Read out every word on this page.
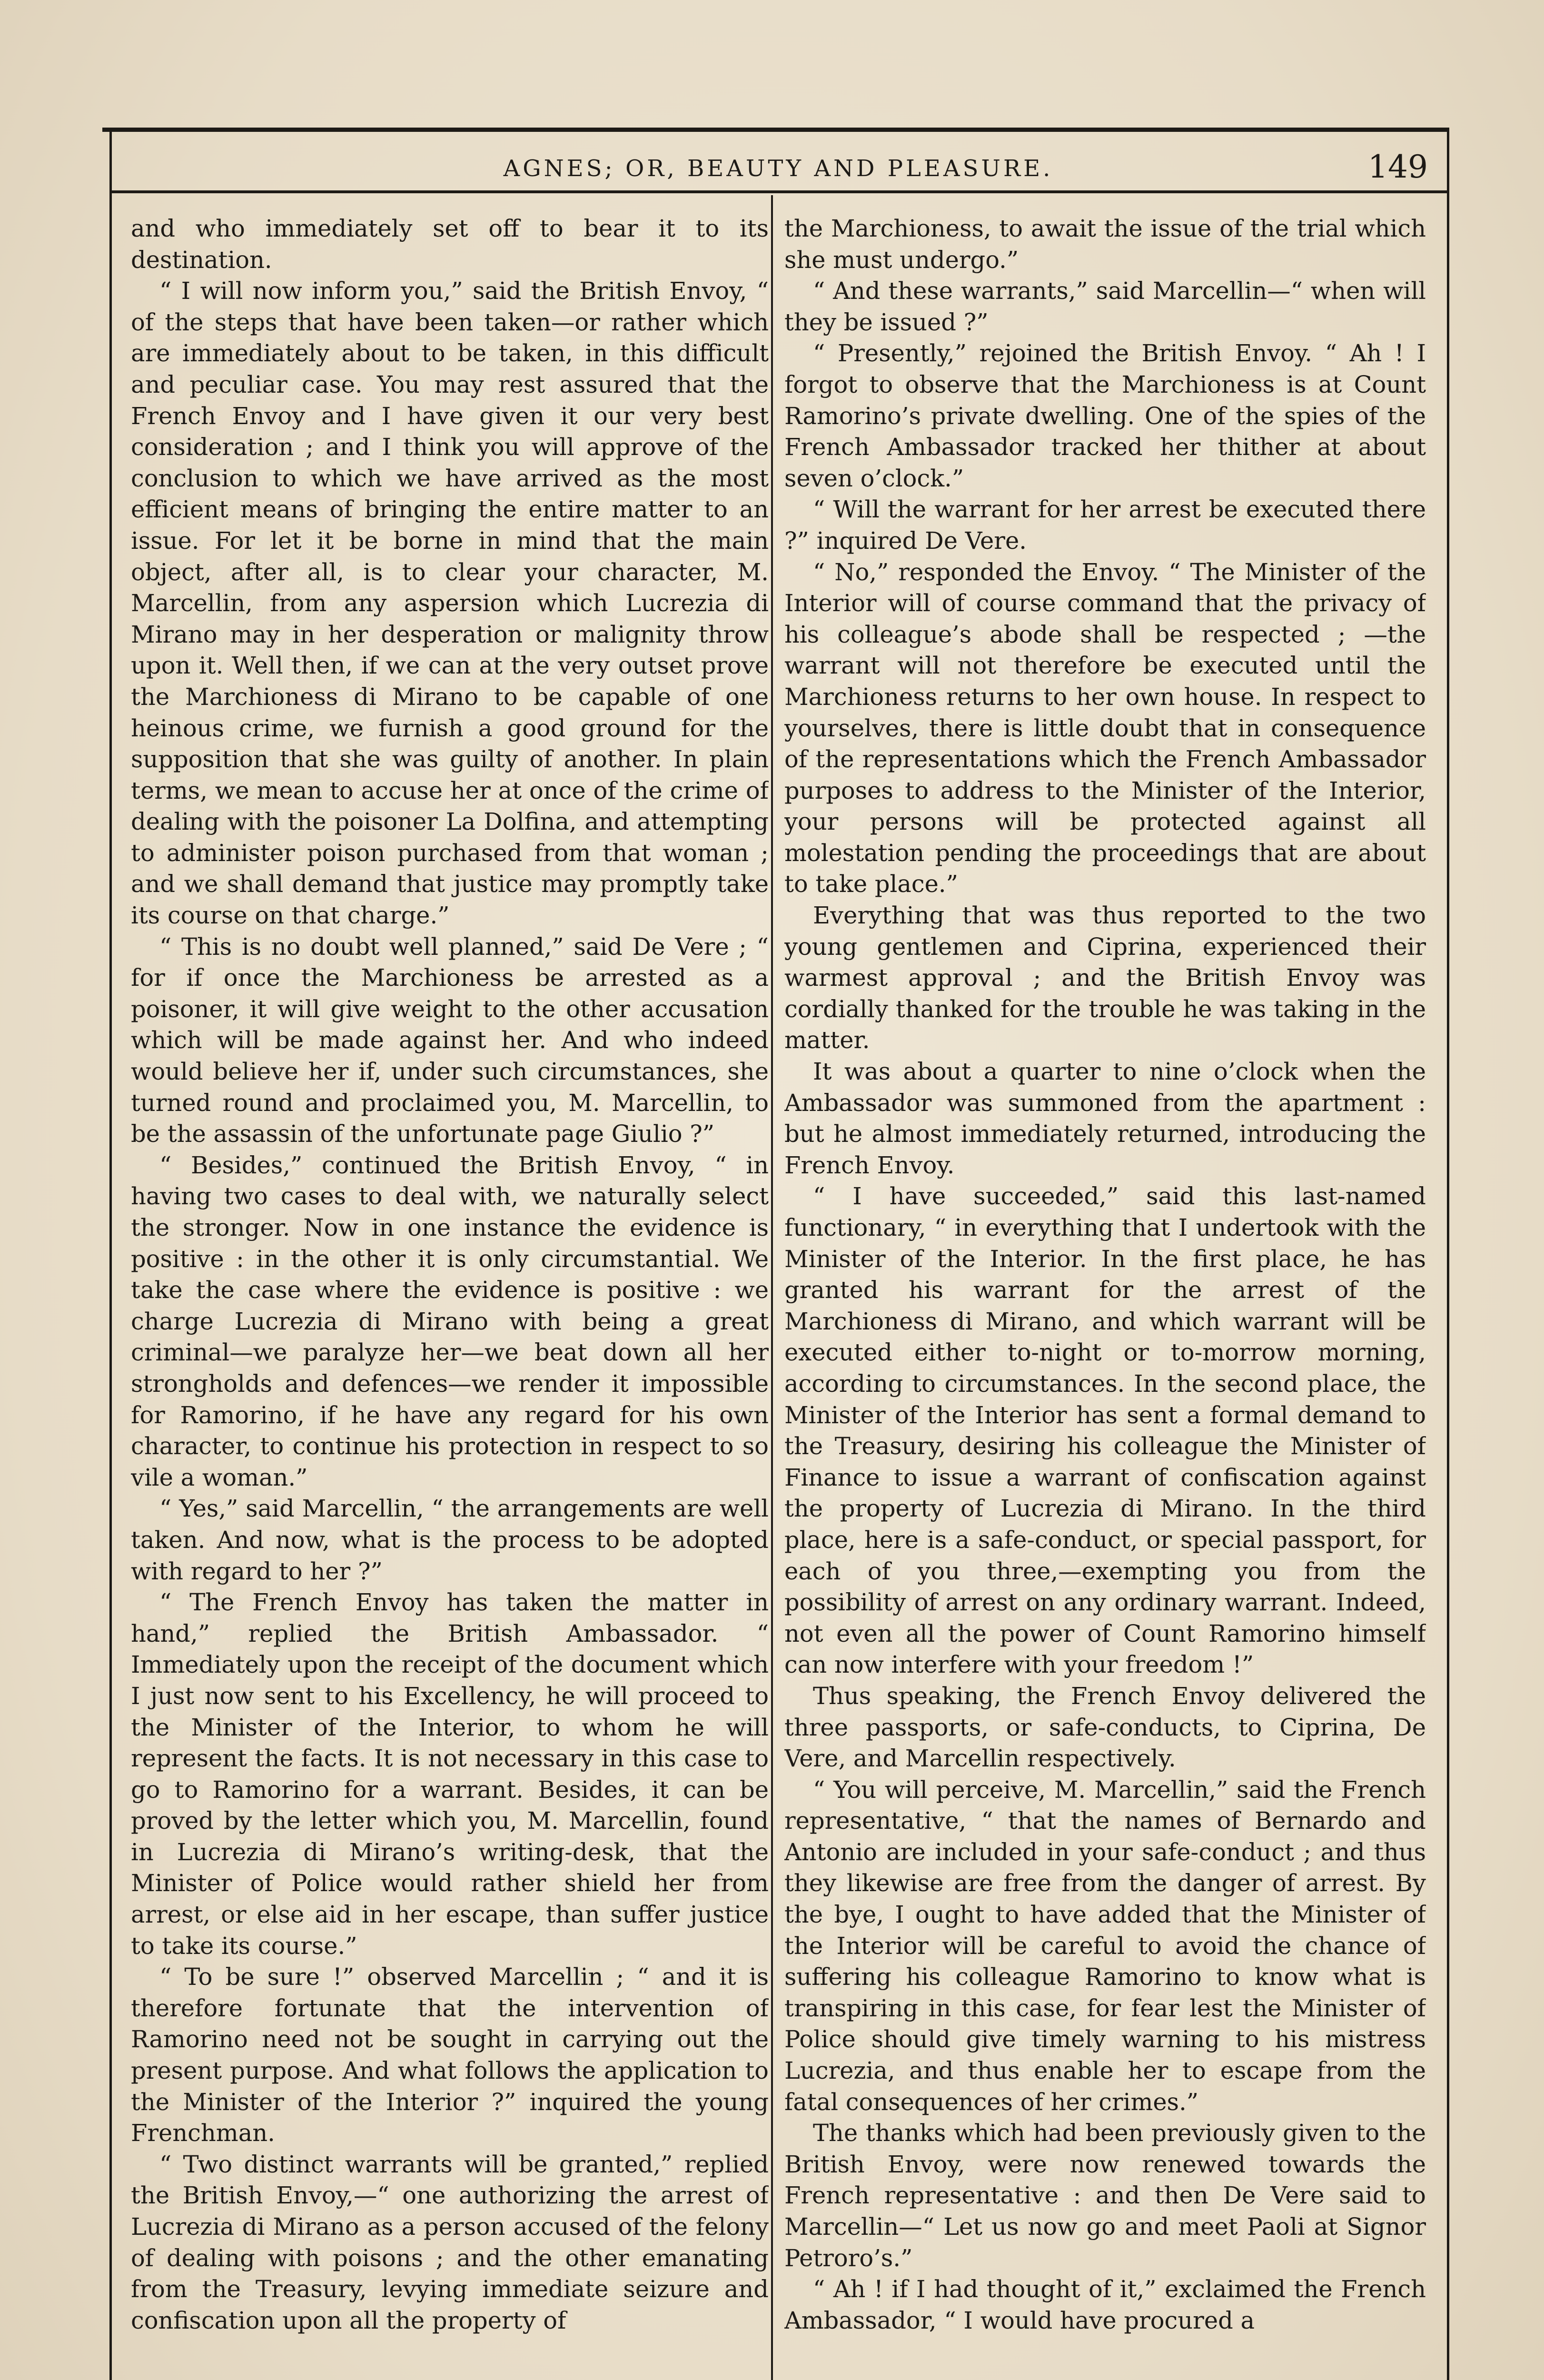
AGNES; OR, BEAUTY AND PLEASURE.	149

and who immediately set off to bear it to its destination.

“ I will now inform you,” said the British Envoy, “ of the steps that have been taken—or rather which are immediately about to be taken, in this difficult and peculiar case. You may rest assured that the French Envoy and I have given it our very best consideration ; and I think you will approve of the conclusion to which we have arrived as the most efficient means of bringing the entire matter to an issue. For let it be borne in mind that the main object, after all, is to clear your character, M. Marcellin, from any aspersion which Lucrezia di Mirano may in her desperation or malignity throw upon it. Well then, if we can at the very outset prove the Marchioness di Mirano to be capable of one heinous crime, we furnish a good ground for the supposition that she was guilty of another. In plain terms, we mean to accuse her at once of the crime of dealing with the poisoner La Dolfina, and attempting to administer poison purchased from that woman ; and we shall demand that justice may promptly take its course on that charge.”

“ This is no doubt well planned,” said De Vere ; “ for if once the Marchioness be arrested as a poisoner, it will give weight to the other accusation which will be made against her. And who indeed would believe her if, under such circumstances, she turned round and proclaimed you, M. Marcellin, to be the assassin of the unfortunate page Giulio ?”

“ Besides,” continued the British Envoy, “ in having two cases to deal with, we naturally select the stronger. Now in one instance the evidence is positive : in the other it is only circumstantial. We take the case where the evidence is positive : we charge Lucrezia di Mirano with being a great criminal—we paralyze her—we beat down all her strongholds and defences—we render it impossible for Ramorino, if he have any regard for his own character, to continue his protection in respect to so vile a woman.”

“ Yes,” said Marcellin, “ the arrangements are well taken. And now, what is the process to be adopted with regard to her ?”

“ The French Envoy has taken the matter in hand,” replied the British Ambassador. “ Immediately upon the receipt of the document which I just now sent to his Excellency, he will proceed to the Minister of the Interior, to whom he will represent the facts. It is not necessary in this case to go to Ramorino for a warrant. Besides, it can be proved by the letter which you, M. Marcellin, found in Lucrezia di Mirano’s writing-desk, that the Minister of Police would rather shield her from arrest, or else aid in her escape, than suffer justice to take its course.”

“ To be sure !” observed Marcellin ; “ and it is therefore fortunate that the intervention of Ramorino need not be sought in carrying out the present purpose. And what follows the application to the Minister of the Interior ?” inquired the young Frenchman.

“ Two distinct warrants will be granted,” replied the British Envoy,—“ one authorizing the arrest of Lucrezia di Mirano as a person accused of the felony of dealing with poisons ; and the other emanating from the Treasury, levying immediate seizure and confiscation upon all the property of

the Marchioness, to await the issue of the trial which she must undergo.”

“ And these warrants,” said Marcellin—“ when will they be issued ?”

“ Presently,” rejoined the British Envoy. “ Ah ! I forgot to observe that the Marchioness is at Count Ramorino’s private dwelling. One of the spies of the French Ambassador tracked her thither at about seven o’clock.”

“ Will the warrant for her arrest be executed there ?” inquired De Vere.

“ No,” responded the Envoy. “ The Minister of the Interior will of course command that the privacy of his colleague’s abode shall be respected ; —the warrant will not therefore be executed until the Marchioness returns to her own house. In respect to yourselves, there is little doubt that in consequence of the representations which the French Ambassador purposes to address to the Minister of the Interior, your persons will be protected against all molestation pending the proceedings that are about to take place.”

Everything that was thus reported to the two young gentlemen and Ciprina, experienced their warmest approval ; and the British Envoy was cordially thanked for the trouble he was taking in the matter.

It was about a quarter to nine o’clock when the Ambassador was summoned from the apartment : but he almost immediately returned, introducing the French Envoy.

“ I have succeeded,” said this last-named functionary, “ in everything that I undertook with the Minister of the Interior. In the first place, he has granted his warrant for the arrest of the Marchioness di Mirano, and which warrant will be executed either to-night or to-morrow morning, according to circumstances. In the second place, the Minister of the Interior has sent a formal demand to the Treasury, desiring his colleague the Minister of Finance to issue a warrant of confiscation against the property of Lucrezia di Mirano. In the third place, here is a safe-conduct, or special passport, for each of you three,—exempting you from the possibility of arrest on any ordinary warrant. Indeed, not even all the power of Count Ramorino himself can now interfere with your freedom !”

Thus speaking, the French Envoy delivered the three passports, or safe-conducts, to Ciprina, De Vere, and Marcellin respectively.

“ You will perceive, M. Marcellin,” said the French representative, “ that the names of Bernardo and Antonio are included in your safe-conduct ; and thus they likewise are free from the danger of arrest. By the bye, I ought to have added that the Minister of the Interior will be careful to avoid the chance of suffering his colleague Ramorino to know what is transpiring in this case, for fear lest the Minister of Police should give timely warning to his mistress Lucrezia, and thus enable her to escape from the fatal consequences of her crimes.”

The thanks which had been previously given to the British Envoy, were now renewed towards the French representative : and then De Vere said to Marcellin—“ Let us now go and meet Paoli at Signor Petroro’s.”

“ Ah ! if I had thought of it,” exclaimed the French Ambassador, “ I would have procured a
